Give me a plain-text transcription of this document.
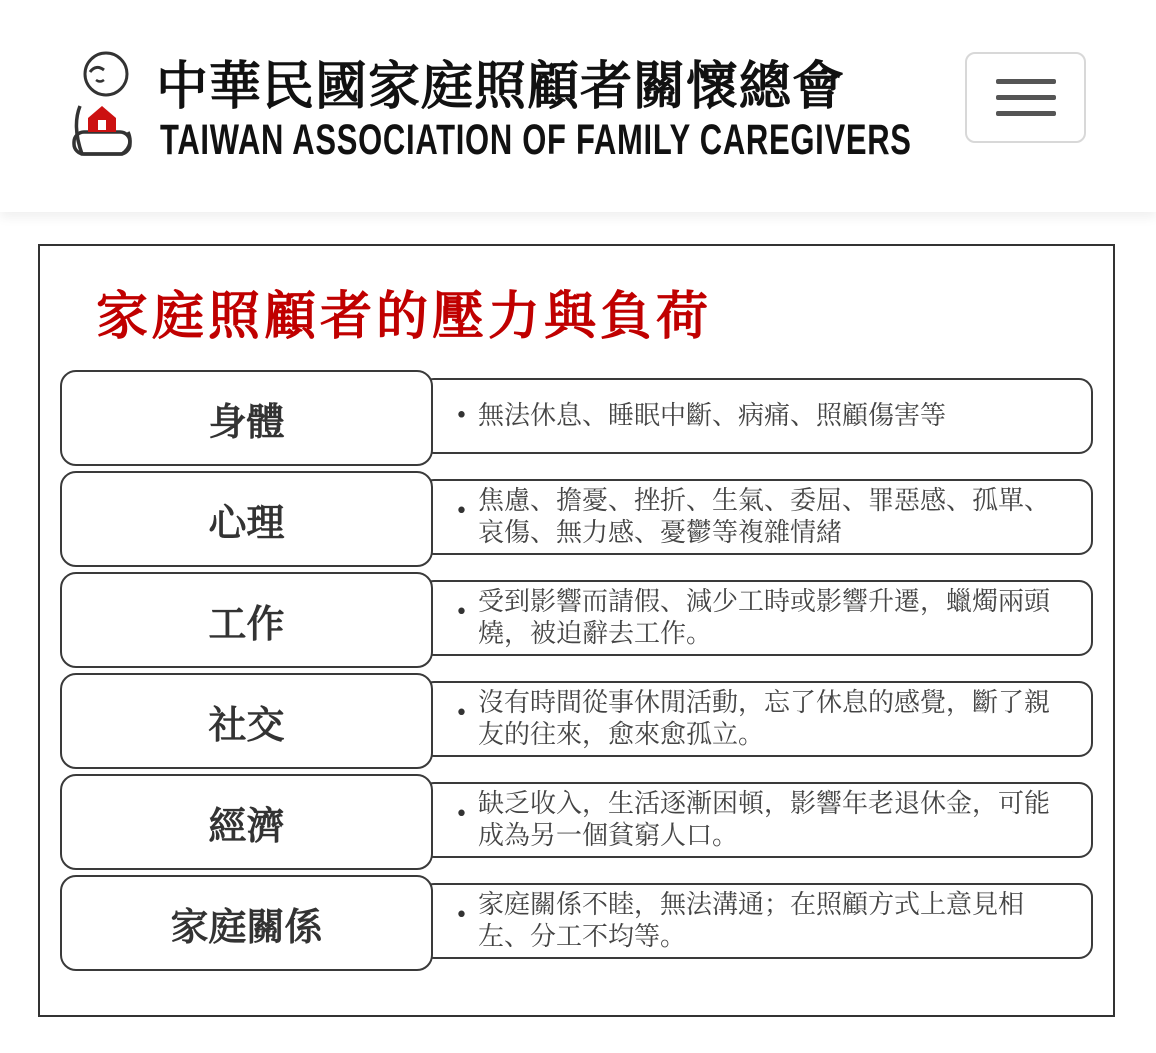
中華民國家庭照顧者關懷總會
TAIWAN ASSOCIATION OF FAMILY CAREGIVERS
家庭照顧者的壓力與負荷
• 無法休息、睡眠中斷、病痛、照顧傷害等
身體
• 焦慮、擔憂、挫折、生氣、委屈、罪惡感、孤單、哀傷、無力感、憂鬱等複雜情緒
心理
• 受到影響而請假、減少工時或影響升遷，蠟燭兩頭燒，被迫辭去工作。
工作
• 沒有時間從事休閒活動，忘了休息的感覺，斷了親友的往來，愈來愈孤立。
社交
• 缺乏收入，生活逐漸困頓，影響年老退休金，可能成為另一個貧窮人口。
經濟
• 家庭關係不睦，無法溝通；在照顧方式上意見相左、分工不均等。
家庭關係
